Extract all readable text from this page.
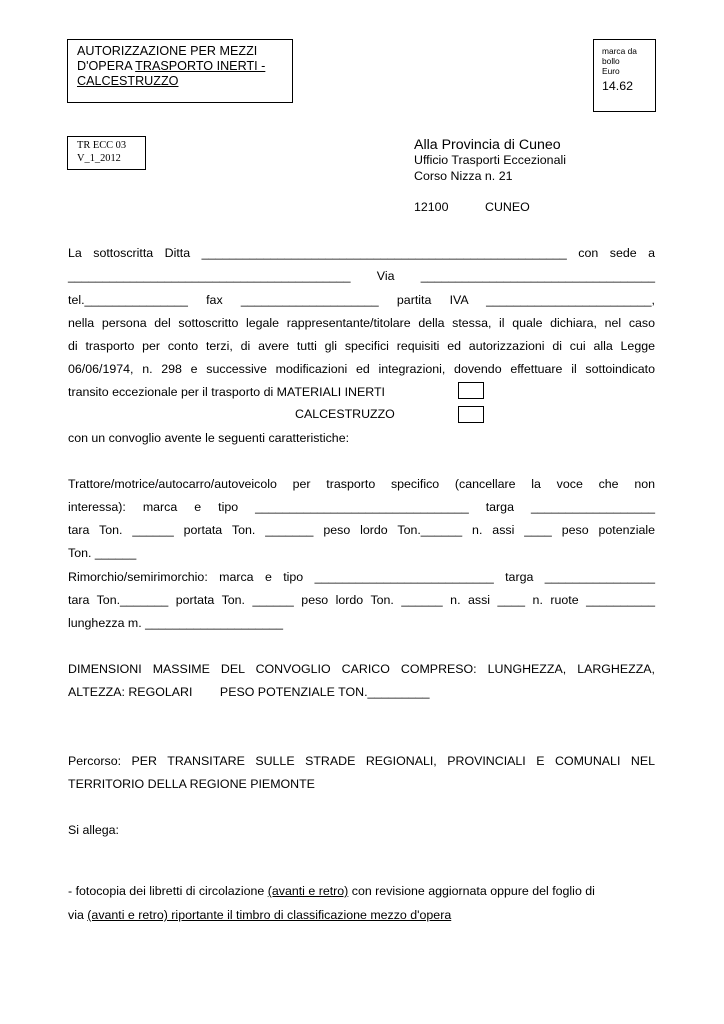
AUTORIZZAZIONE PER MEZZI
D'OPERA TRASPORTO INERTI -
CALCESTRUZZO
marca da
bollo
Euro
14.62
TR ECC 03
V_1_2012
Alla Provincia di Cuneo
Ufficio Trasporti Eccezionali
Corso Nizza n. 21
12100	CUNEO
La sottoscritta Ditta _____________________________________________________ con sede a
_________________________________________ Via __________________________________
tel._______________ fax ____________________ partita IVA ________________________,
nella persona del sottoscritto legale rappresentante/titolare della stessa, il quale dichiara, nel caso
di trasporto per conto terzi, di avere tutti gli specifici requisiti ed autorizzazioni di cui alla Legge
06/06/1974, n. 298 e successive modificazioni ed integrazioni, dovendo effettuare il sottoindicato
transito eccezionale per il trasporto di MATERIALI INERTI
CALCESTRUZZO
con un convoglio avente le seguenti caratteristiche:
Trattore/motrice/autocarro/autoveicolo per trasporto specifico (cancellare la voce che non
interessa): marca e tipo _______________________________ targa __________________
tara Ton. ______ portata Ton. _______ peso lordo Ton.______ n. assi ____ peso potenziale
Ton. ______
Rimorchio/semirimorchio: marca e tipo __________________________ targa ________________
tara Ton._______ portata Ton. ______ peso lordo Ton. ______ n. assi ____ n. ruote __________
lunghezza m. ____________________
DIMENSIONI MASSIME DEL CONVOGLIO CARICO COMPRESO: LUNGHEZZA, LARGHEZZA,
ALTEZZA: REGOLARI        PESO POTENZIALE TON._________
Percorso: PER TRANSITARE SULLE STRADE REGIONALI, PROVINCIALI E COMUNALI NEL
TERRITORIO DELLA REGIONE PIEMONTE
Si allega:
- fotocopia dei libretti di circolazione (avanti e retro) con revisione aggiornata oppure del foglio di
via (avanti e retro) riportante il timbro di classificazione mezzo d'opera
